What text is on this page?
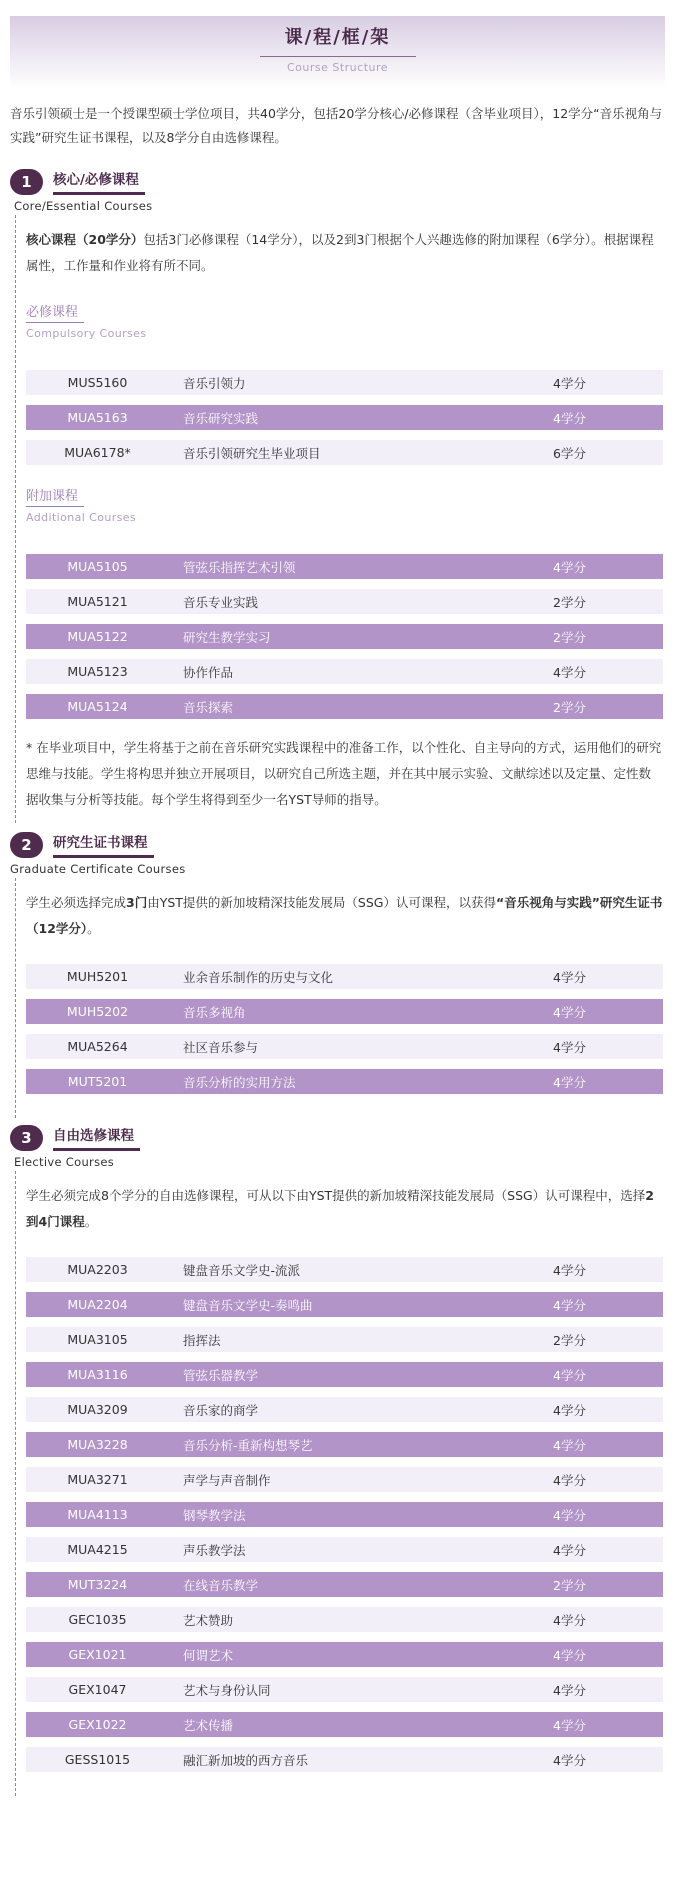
课/程/框/架
Course Structure
音乐引领硕士是一个授课型硕士学位项目，共40学分，包括20学分核心/必修课程（含毕业项目），12学分“音乐视角与实践”研究生证书课程，以及8学分自由选修课程。
1	核心/必修课程
Core/Essential Courses
核心课程（20学分）包括3门必修课程（14学分），以及2到3门根据个人兴趣选修的附加课程（6学分）。根据课程属性，工作量和作业将有所不同。
必修课程
Compulsory Courses
MUS5160	音乐引领力	4学分
MUA5163	音乐研究实践	4学分
MUA6178*	音乐引领研究生毕业项目	6学分
附加课程
Additional Courses
MUA5105	管弦乐指挥艺术引领	4学分
MUA5121	音乐专业实践	2学分
MUA5122	研究生教学实习	2学分
MUA5123	协作作品	4学分
MUA5124	音乐探索	2学分
* 在毕业项目中，学生将基于之前在音乐研究实践课程中的准备工作，以个性化、自主导向的方式，运用他们的研究思维与技能。学生将构思并独立开展项目，以研究自己所选主题，并在其中展示实验、文献综述以及定量、定性数据收集与分析等技能。每个学生将得到至少一名YST导师的指导。
2	研究生证书课程
Graduate Certificate Courses
学生必须选择完成3门由YST提供的新加坡精深技能发展局（SSG）认可课程，以获得“音乐视角与实践”研究生证书（12学分）。
MUH5201	业余音乐制作的历史与文化	4学分
MUH5202	音乐多视角	4学分
MUA5264	社区音乐参与	4学分
MUT5201	音乐分析的实用方法	4学分
3	自由选修课程
Elective Courses
学生必须完成8个学分的自由选修课程，可从以下由YST提供的新加坡精深技能发展局（SSG）认可课程中，选择2到4门课程。
MUA2203	键盘音乐文学史-流派	4学分
MUA2204	键盘音乐文学史-奏鸣曲	4学分
MUA3105	指挥法	2学分
MUA3116	管弦乐器教学	4学分
MUA3209	音乐家的商学	4学分
MUA3228	音乐分析-重新构想琴艺	4学分
MUA3271	声学与声音制作	4学分
MUA4113	钢琴教学法	4学分
MUA4215	声乐教学法	4学分
MUT3224	在线音乐教学	2学分
GEC1035	艺术赞助	4学分
GEX1021	何谓艺术	4学分
GEX1047	艺术与身份认同	4学分
GEX1022	艺术传播	4学分
GESS1015	融汇新加坡的西方音乐	4学分
